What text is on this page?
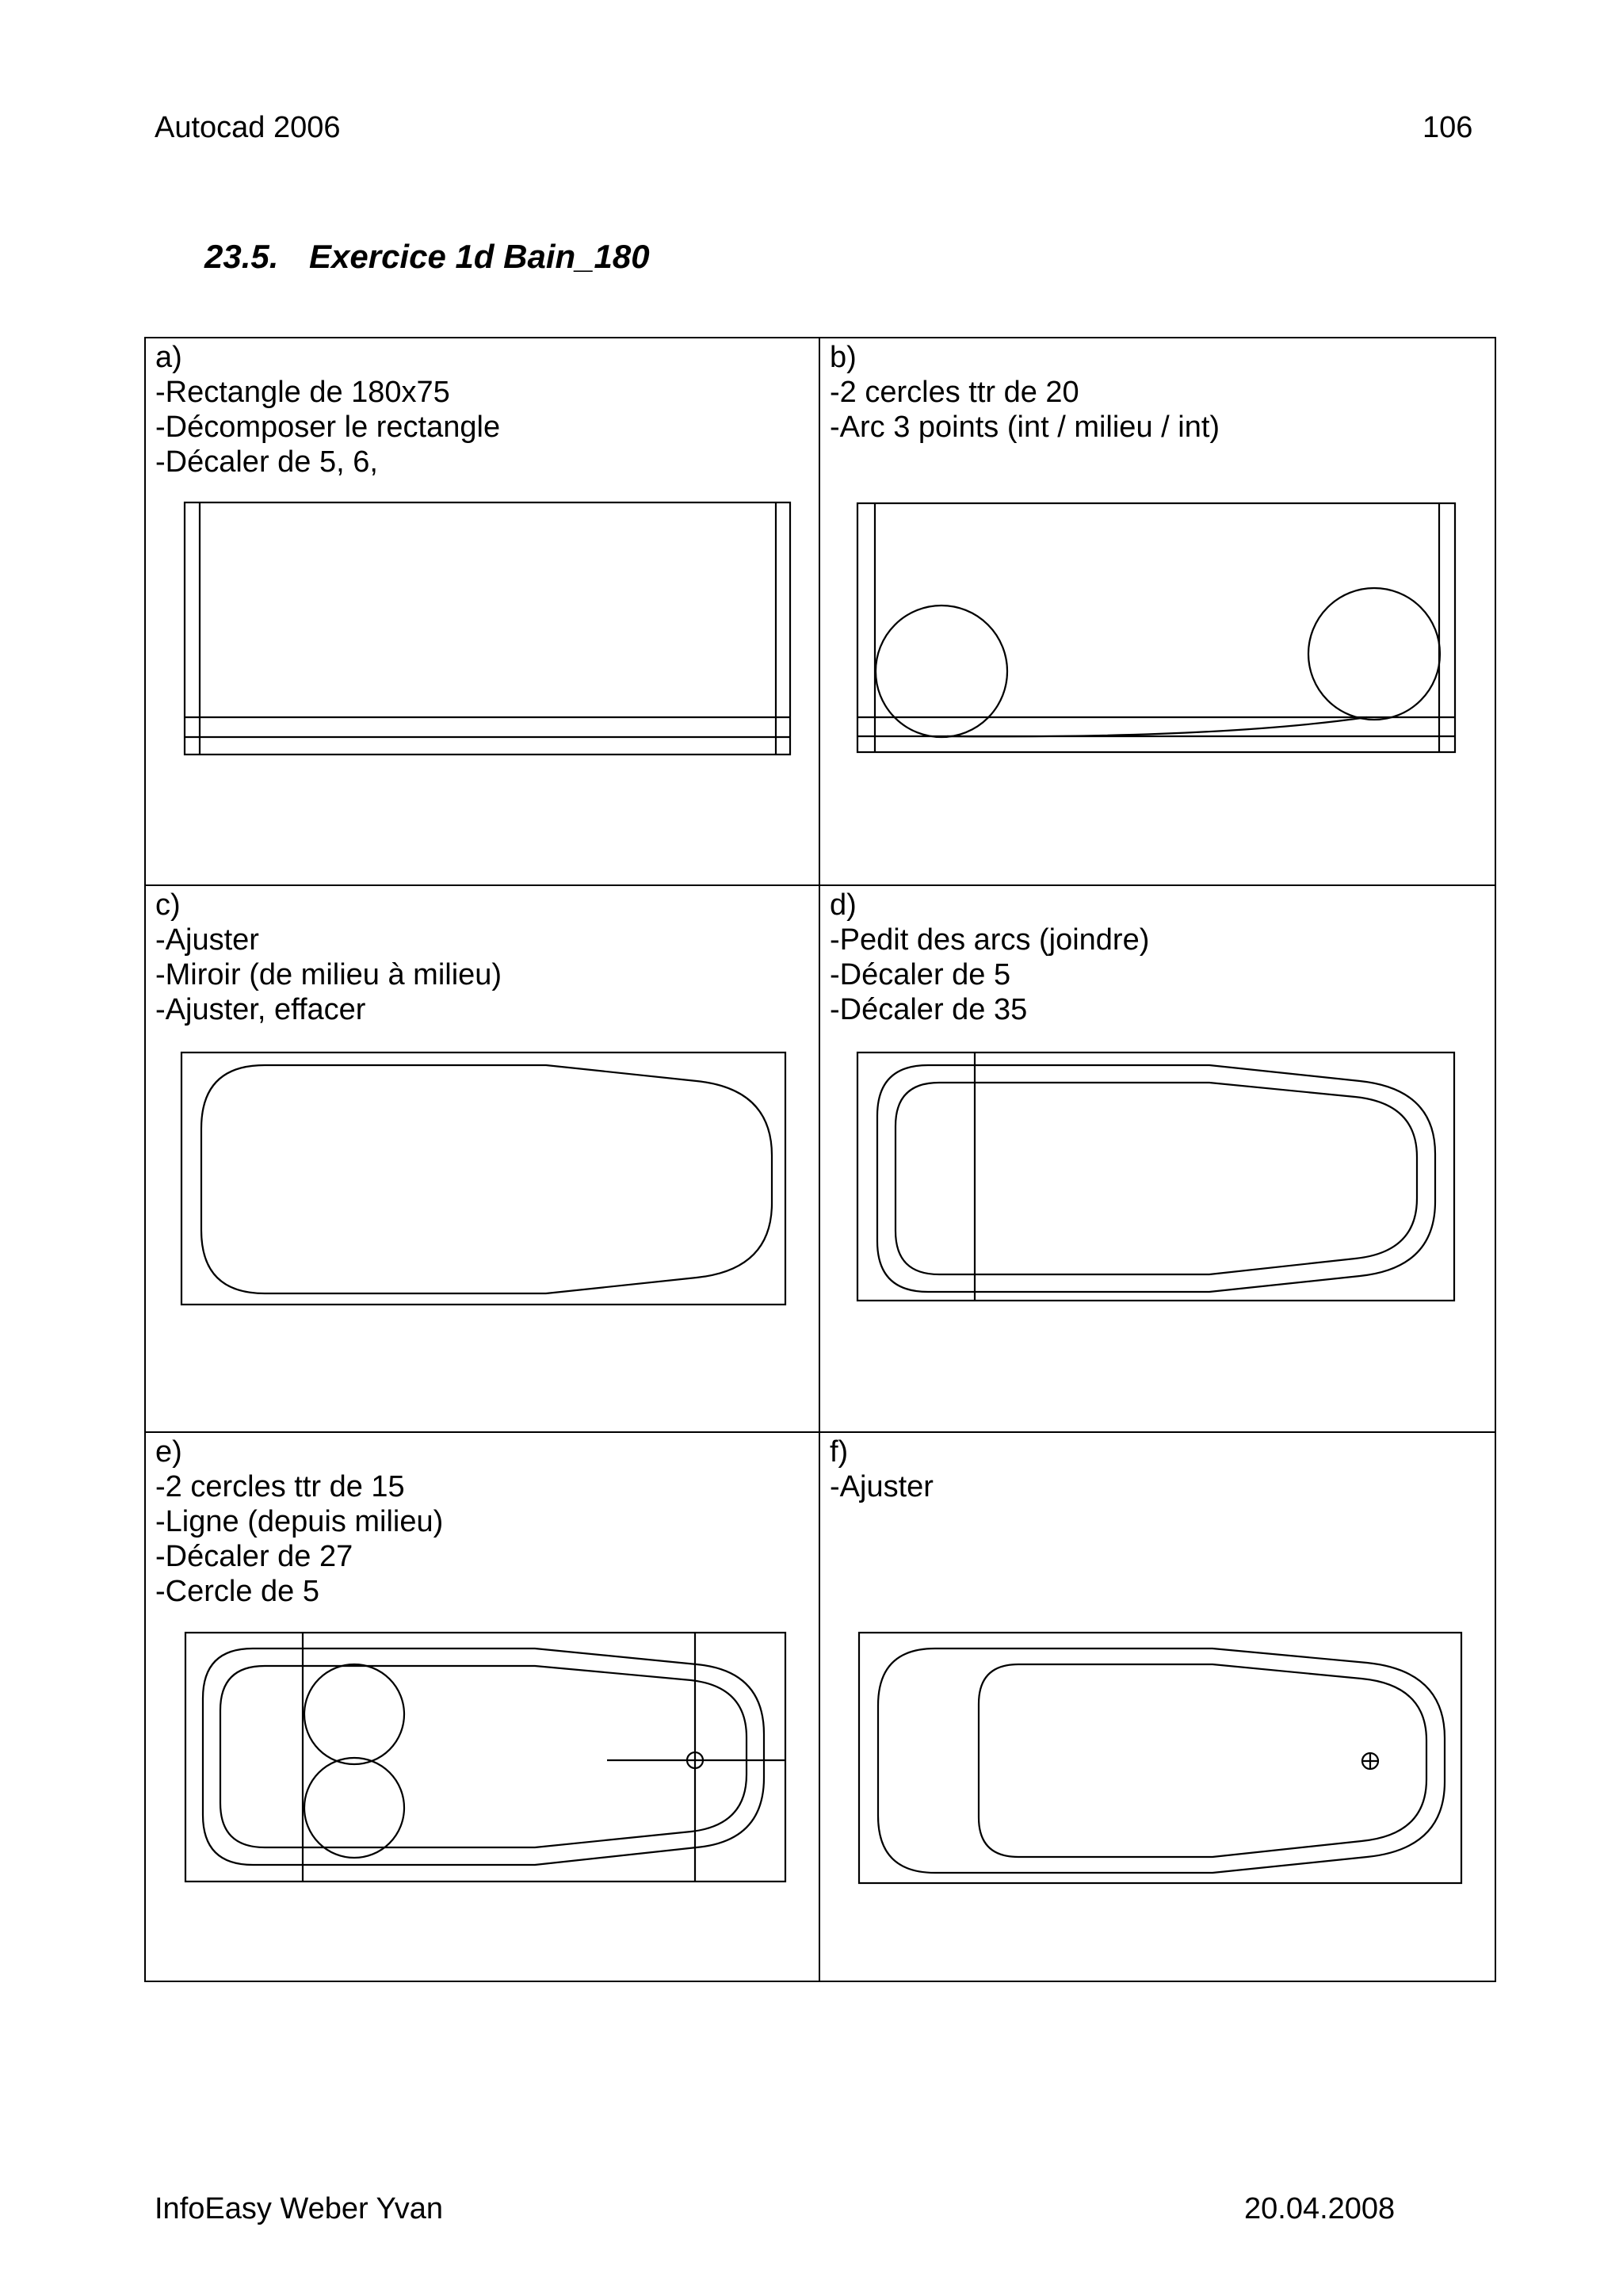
Autocad 2006	106
23.5. Exercice 1d Bain_180
a)
-Rectangle de 180x75
-Décomposer le rectangle
-Décaler de 5, 6,
b)
-2 cercles ttr de 20
-Arc 3 points (int / milieu / int)
c)
-Ajuster
-Miroir (de milieu à milieu)
-Ajuster, effacer
d)
-Pedit des arcs (joindre)
-Décaler de 5
-Décaler de 35
e)
-2 cercles ttr de 15
-Ligne (depuis milieu)
-Décaler de 27
-Cercle de 5
f)
-Ajuster
InfoEasy Weber Yvan	20.04.2008
